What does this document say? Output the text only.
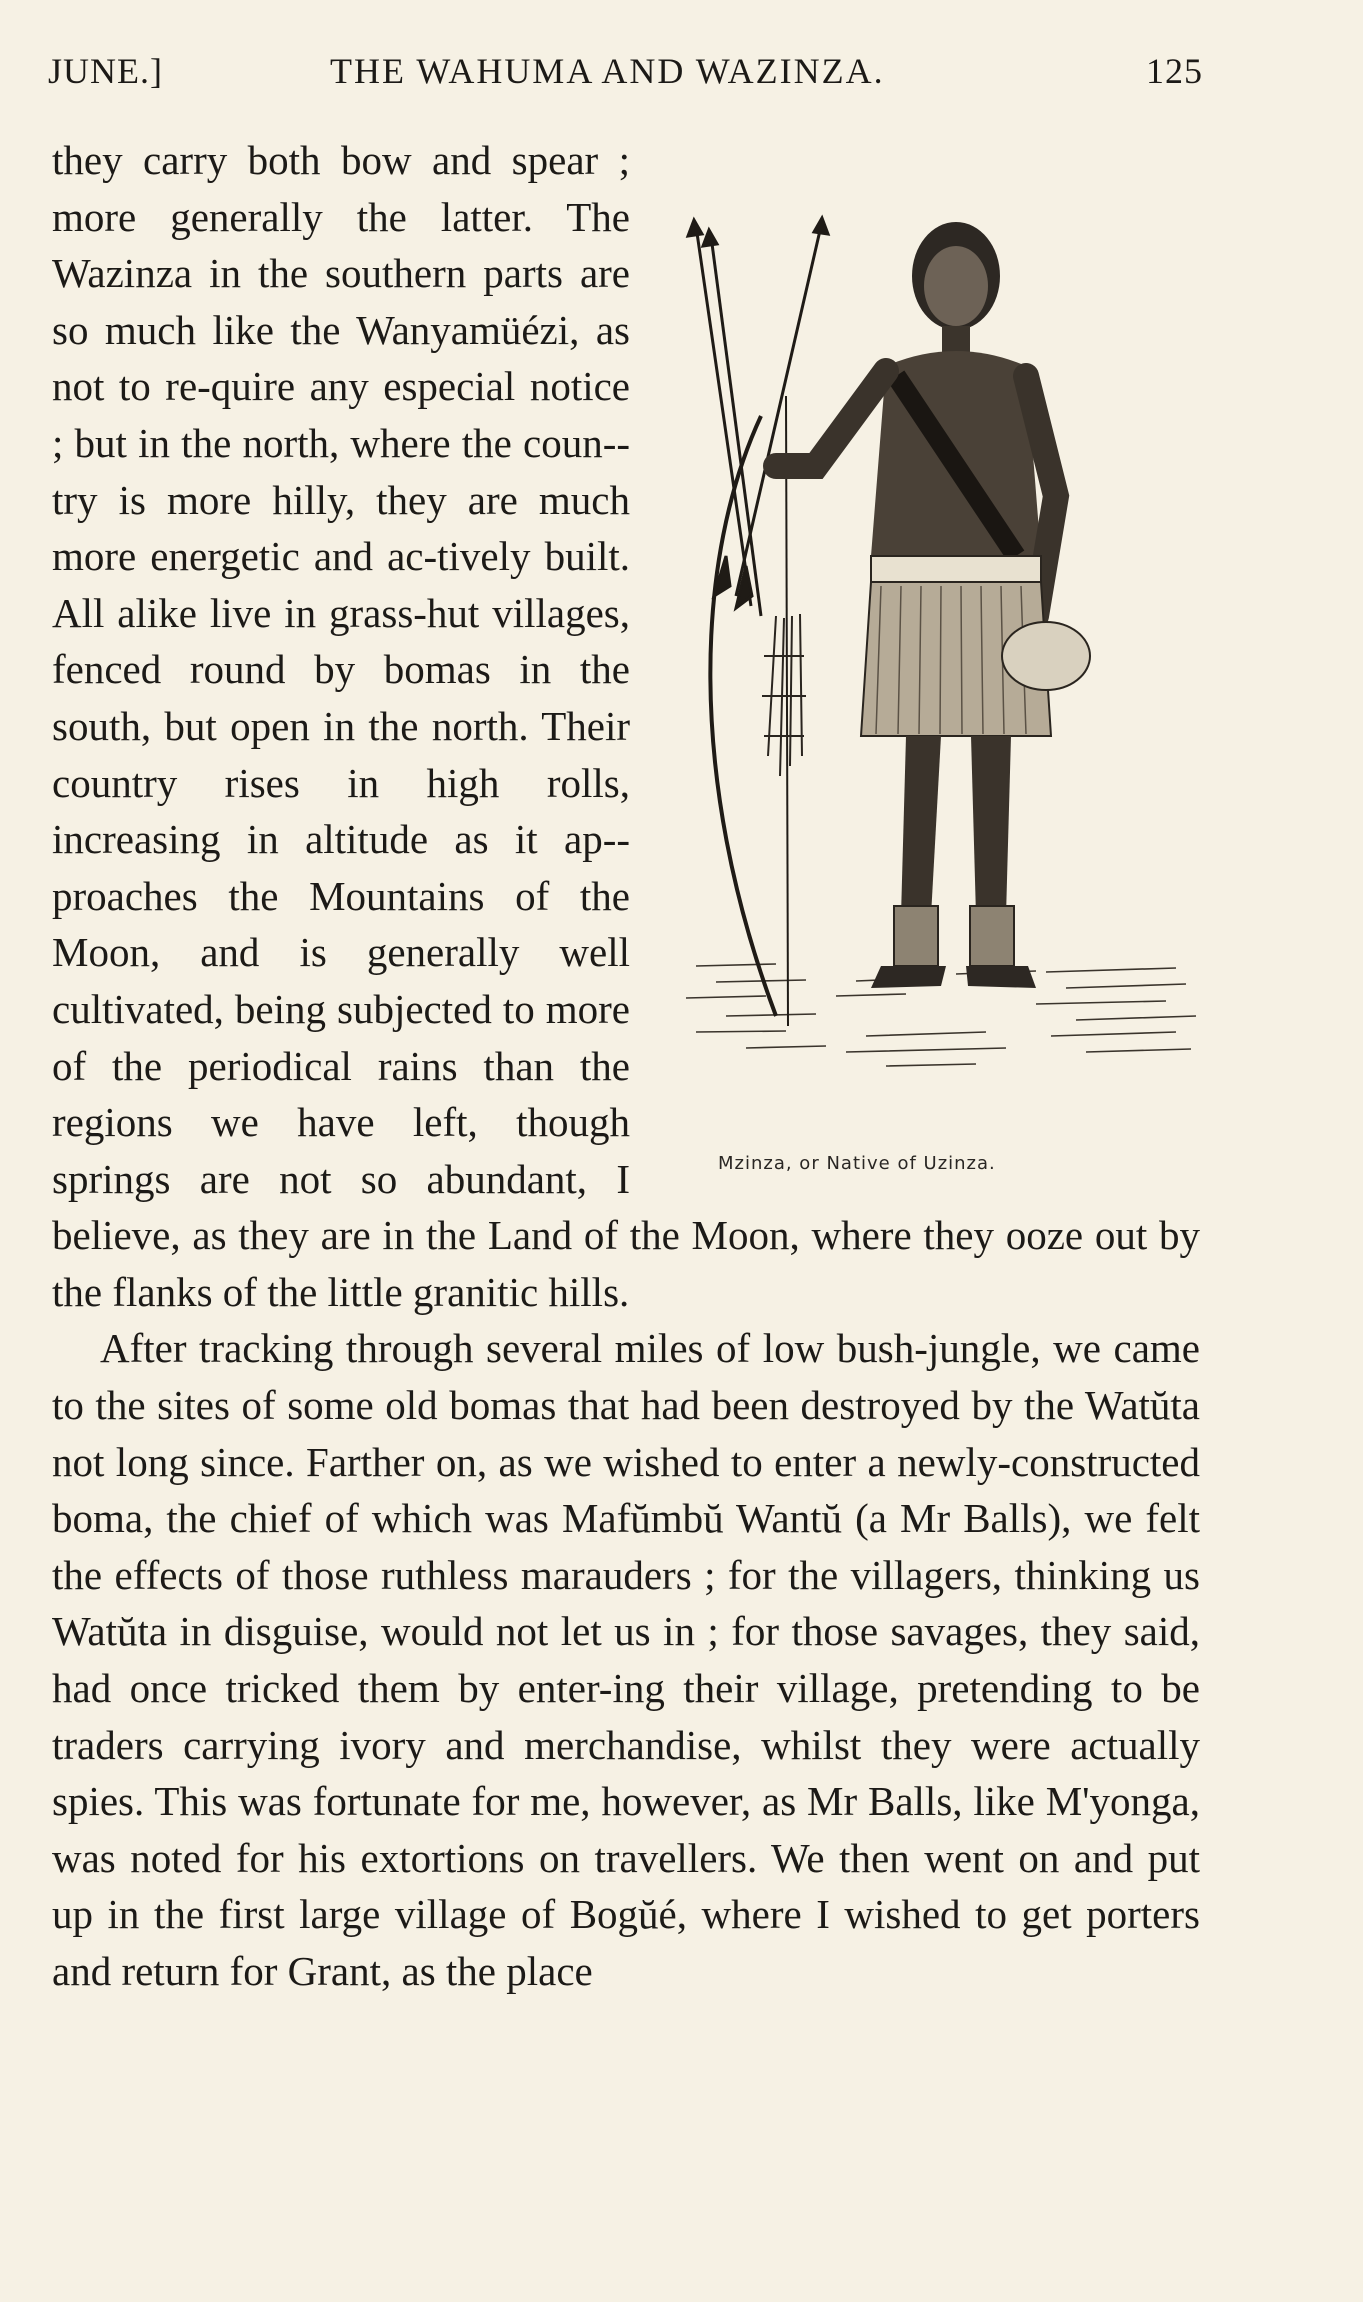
JUNE.]	THE WAHUMA AND WAZINZA.	125
Mzinza, or Native of Uzinza.

they carry both bow and spear ; more generally the latter. The Wazinza in the southern parts are so much like the Wanyamüézi, as not to re-quire any especial notice ; but in the north, where the coun-try is more hilly, they are much more energetic and ac-tively built. All alike live in grass-hut villages, fenced round by bomas in the south, but open in the north. Their country rises in high rolls, increasing in altitude as it ap-proaches the Mountains of the Moon, and is generally well cultivated, being subjected to more of the periodical rains than the regions we have left, though springs are not so abundant, I believe, as they are in the Land of the Moon, where they ooze out by the flanks of the little granitic hills.

After tracking through several miles of low bush-jungle, we came to the sites of some old bomas that had been destroyed by the Watŭta not long since. Farther on, as we wished to enter a newly-constructed boma, the chief of which was Mafŭmbŭ Wantŭ (a Mr Balls), we felt the effects of those ruthless marauders ; for the villagers, thinking us Watŭta in disguise, would not let us in ; for those savages, they said, had once tricked them by enter-ing their village, pretending to be traders carrying ivory and merchandise, whilst they were actually spies. This was fortunate for me, however, as Mr Balls, like M'yonga, was noted for his extortions on travellers. We then went on and put up in the first large village of Bogŭé, where I wished to get porters and return for Grant, as the place
